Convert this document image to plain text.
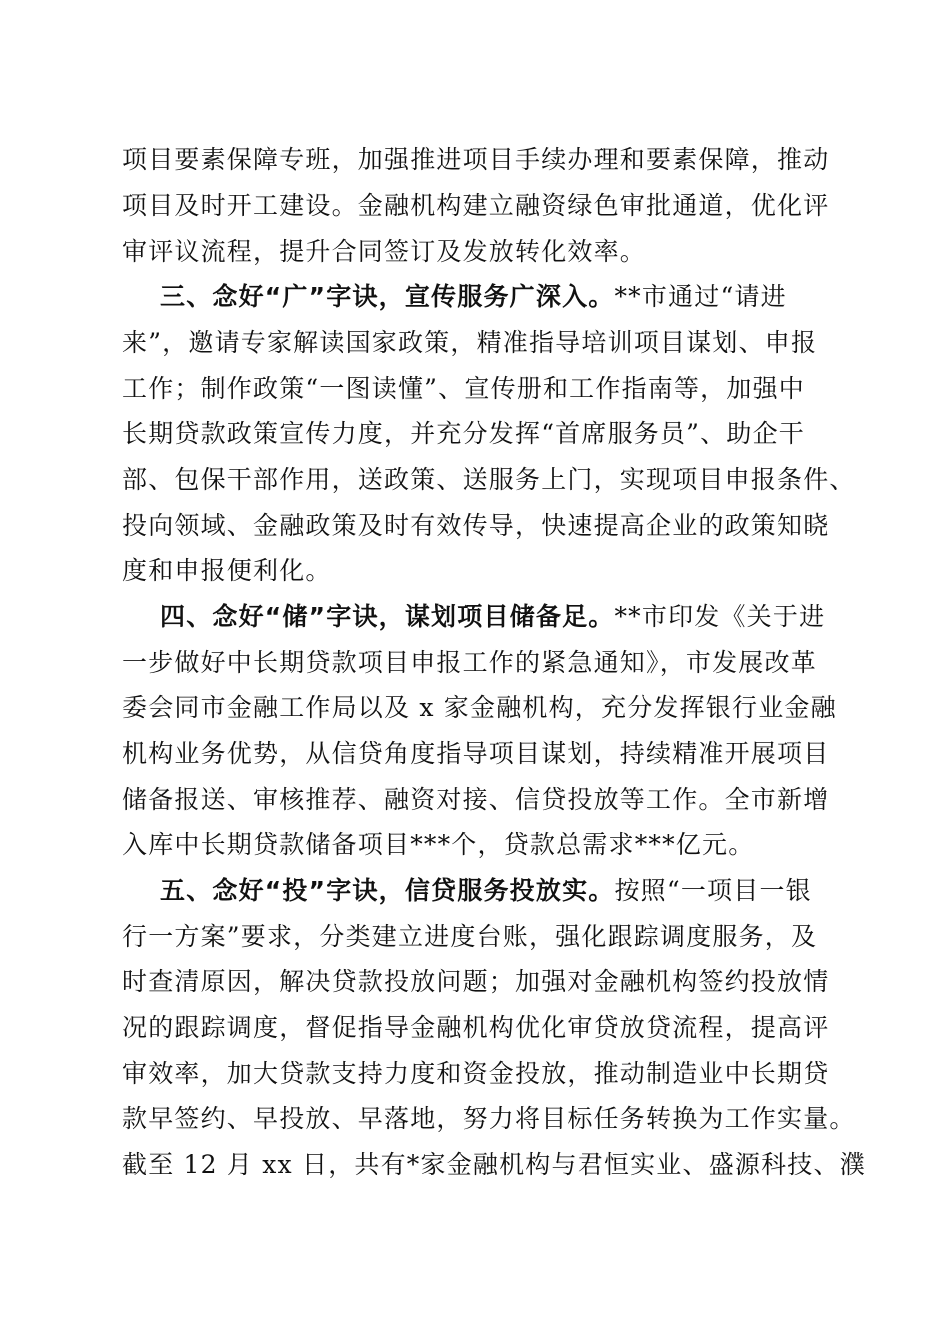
项目要素保障专班，加强推进项目手续办理和要素保障，推动
项目及时开工建设。金融机构建立融资绿色审批通道，优化评
审评议流程，提升合同签订及发放转化效率。
三、念好“广”字诀，宣传服务广深入。**市通过“请进
来”，邀请专家解读国家政策，精准指导培训项目谋划、申报
工作；制作政策“一图读懂”、宣传册和工作指南等，加强中
长期贷款政策宣传力度，并充分发挥“首席服务员”、助企干
部、包保干部作用，送政策、送服务上门，实现项目申报条件、
投向领域、金融政策及时有效传导，快速提高企业的政策知晓
度和申报便利化。
四、念好“储”字诀，谋划项目储备足。**市印发《关于进
一步做好中长期贷款项目申报工作的紧急通知》，市发展改革
委会同市金融工作局以及 x 家金融机构，充分发挥银行业金融
机构业务优势，从信贷角度指导项目谋划，持续精准开展项目
储备报送、审核推荐、融资对接、信贷投放等工作。全市新增
入库中长期贷款储备项目***个，贷款总需求***亿元。
五、念好“投”字诀，信贷服务投放实。按照“一项目一银
行一方案”要求，分类建立进度台账，强化跟踪调度服务，及
时查清原因，解决贷款投放问题；加强对金融机构签约投放情
况的跟踪调度，督促指导金融机构优化审贷放贷流程，提高评
审效率，加大贷款支持力度和资金投放，推动制造业中长期贷
款早签约、早投放、早落地，努力将目标任务转换为工作实量。
截至 12 月 xx 日，共有*家金融机构与君恒实业、盛源科技、濮
